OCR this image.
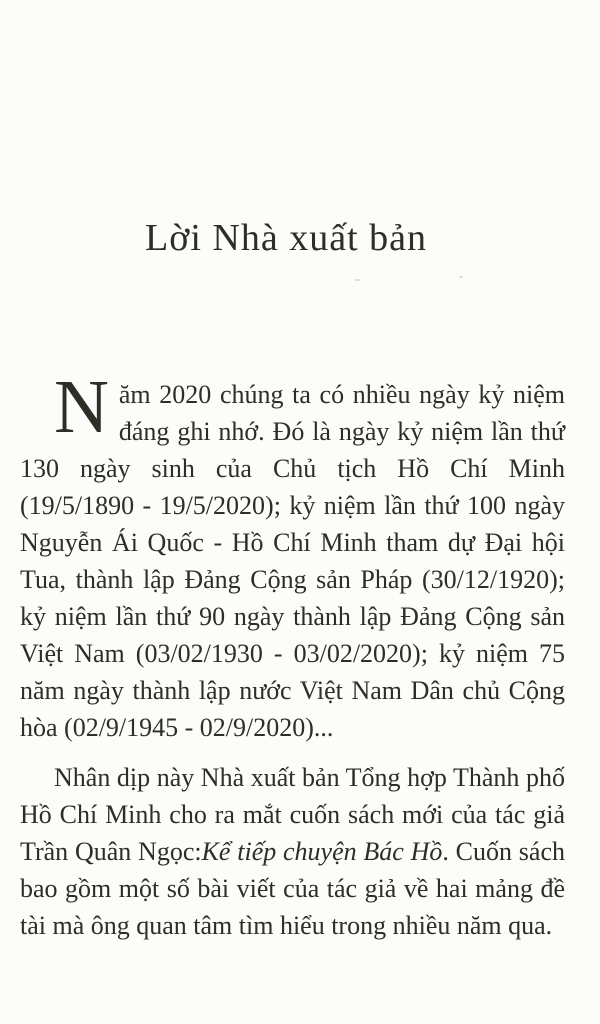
Lời Nhà xuất bản

Năm 2020 chúng ta có nhiều ngày kỷ niệm đáng ghi nhớ. Đó là ngày kỷ niệm lần thứ 130 ngày sinh của Chủ tịch Hồ Chí Minh (19/5/1890 - 19/5/2020); kỷ niệm lần thứ 100 ngày Nguyễn Ái Quốc - Hồ Chí Minh tham dự Đại hội Tua, thành lập Đảng Cộng sản Pháp (30/12/1920); kỷ niệm lần thứ 90 ngày thành lập Đảng Cộng sản Việt Nam (03/02/1930 - 03/02/2020); kỷ niệm 75 năm ngày thành lập nước Việt Nam Dân chủ Cộng hòa (02/9/1945 - 02/9/2020)...

Nhân dịp này Nhà xuất bản Tổng hợp Thành phố Hồ Chí Minh cho ra mắt cuốn sách mới của tác giả Trần Quân Ngọc:Kể tiếp chuyện Bác Hồ. Cuốn sách bao gồm một số bài viết của tác giả về hai mảng đề tài mà ông quan tâm tìm hiểu trong nhiều năm qua.
